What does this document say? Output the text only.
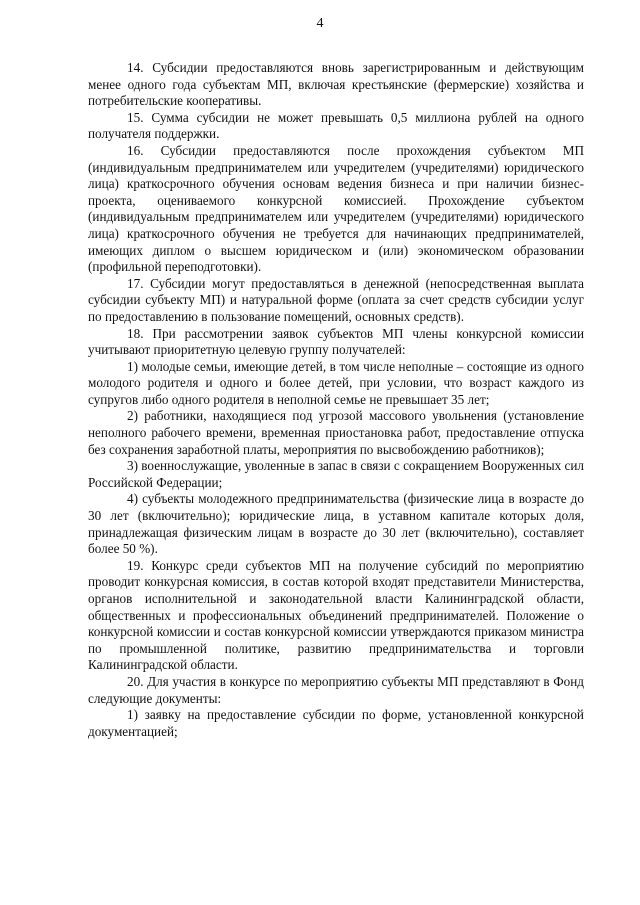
4

14. Субсидии предоставляются вновь зарегистрированным и действующим менее одного года субъектам МП, включая крестьянские (фермерские) хозяйства и потребительские кооперативы.

15. Сумма субсидии не может превышать 0,5 миллиона рублей на одного получателя поддержки.

16. Субсидии предоставляются после прохождения субъектом МП (индивидуальным предпринимателем или учредителем (учредителями) юридического лица) краткосрочного обучения основам ведения бизнеса и при наличии бизнес-проекта, оцениваемого конкурсной комиссией. Прохождение субъектом (индивидуальным предпринимателем или учредителем (учредителями) юридического лица) краткосрочного обучения не требуется для начинающих предпринимателей, имеющих диплом о высшем юридическом и (или) экономическом образовании (профильной переподготовки).

17. Субсидии могут предоставляться в денежной (непосредственная выплата субсидии субъекту МП) и натуральной форме (оплата за счет средств субсидии услуг по предоставлению в пользование помещений, основных средств).

18. При рассмотрении заявок субъектов МП члены конкурсной комиссии учитывают приоритетную целевую группу получателей:

1) молодые семьи, имеющие детей, в том числе неполные – состоящие из одного молодого родителя и одного и более детей, при условии, что возраст каждого из супругов либо одного родителя в неполной семье не превышает 35 лет;

2) работники, находящиеся под угрозой массового увольнения (установление неполного рабочего времени, временная приостановка работ, предоставление отпуска без сохранения заработной платы, мероприятия по высвобождению работников);

3) военнослужащие, уволенные в запас в связи с сокращением Вооруженных сил Российской Федерации;

4) субъекты молодежного предпринимательства (физические лица в возрасте до 30 лет (включительно); юридические лица, в уставном капитале которых доля, принадлежащая физическим лицам в возрасте до 30 лет (включительно), составляет более 50 %).

19. Конкурс среди субъектов МП на получение субсидий по мероприятию проводит конкурсная комиссия, в состав которой входят представители Министерства, органов исполнительной и законодательной власти Калининградской области, общественных и профессиональных объединений предпринимателей. Положение о конкурсной комиссии и состав конкурсной комиссии утверждаются приказом министра по промышленной политике, развитию предпринимательства и торговли Калининградской области.

20. Для участия в конкурсе по мероприятию субъекты МП представляют в Фонд следующие документы:

1) заявку на предоставление субсидии по форме, установленной конкурсной документацией;
